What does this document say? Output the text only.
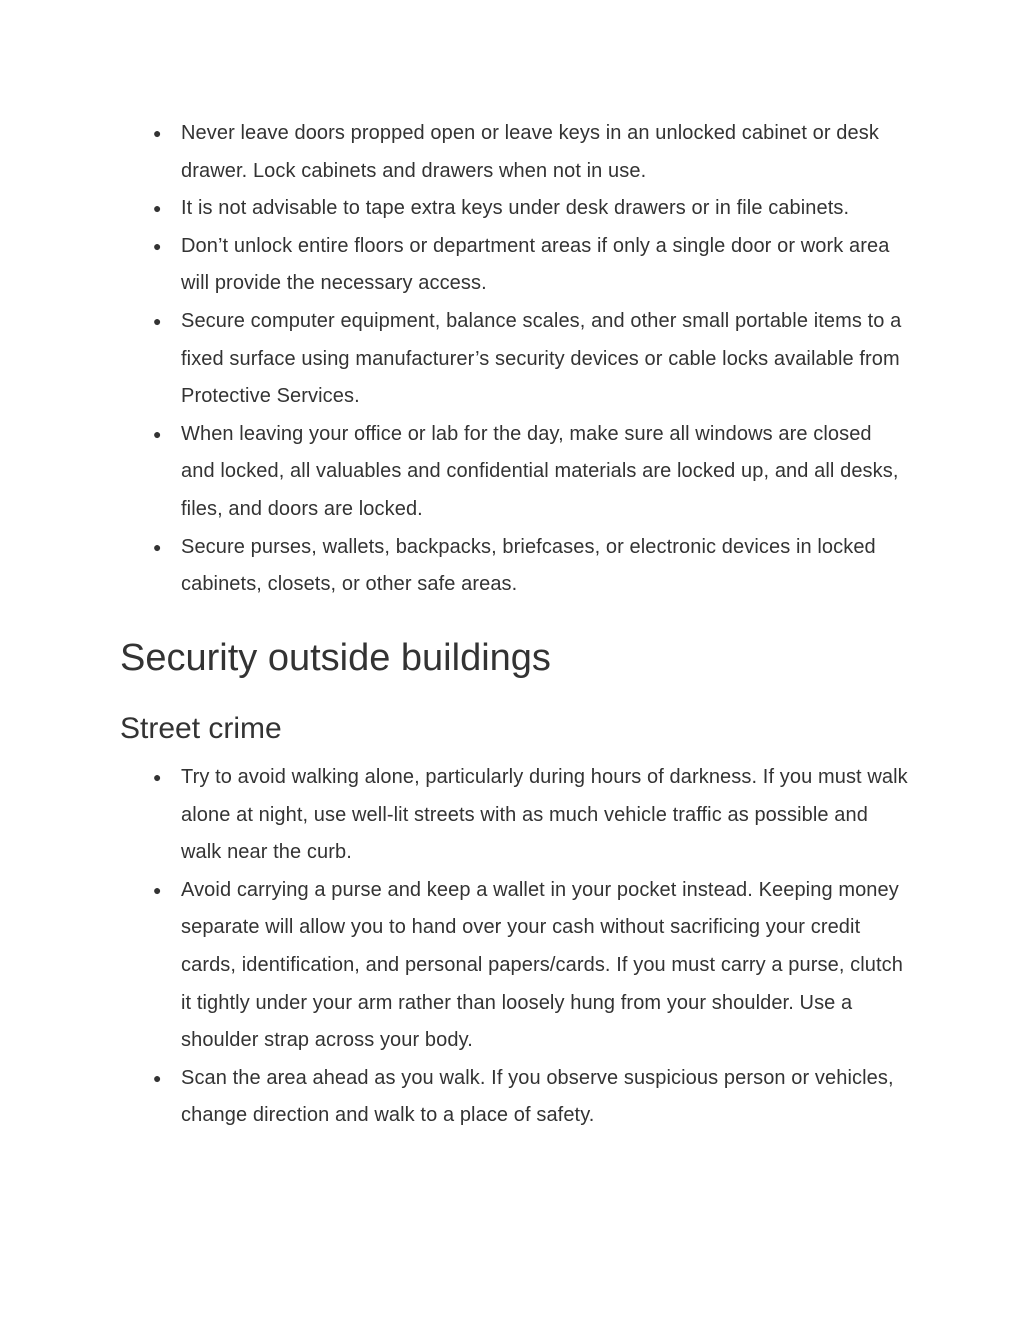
● Never leave doors propped open or leave keys in an unlocked cabinet or desk drawer. Lock cabinets and drawers when not in use.
● It is not advisable to tape extra keys under desk drawers or in file cabinets.
● Don’t unlock entire floors or department areas if only a single door or work area will provide the necessary access.
● Secure computer equipment, balance scales, and other small portable items to a fixed surface using manufacturer’s security devices or cable locks available from Protective Services.
● When leaving your office or lab for the day, make sure all windows are closed and locked, all valuables and confidential materials are locked up, and all desks, files, and doors are locked.
● Secure purses, wallets, backpacks, briefcases, or electronic devices in locked cabinets, closets, or other safe areas.
Security outside buildings
Street crime
● Try to avoid walking alone, particularly during hours of darkness. If you must walk alone at night, use well-lit streets with as much vehicle traffic as possible and walk near the curb.
● Avoid carrying a purse and keep a wallet in your pocket instead. Keeping money separate will allow you to hand over your cash without sacrificing your credit cards, identification, and personal papers/cards. If you must carry a purse, clutch it tightly under your arm rather than loosely hung from your shoulder. Use a shoulder strap across your body.
● Scan the area ahead as you walk. If you observe suspicious person or vehicles, change direction and walk to a place of safety.
